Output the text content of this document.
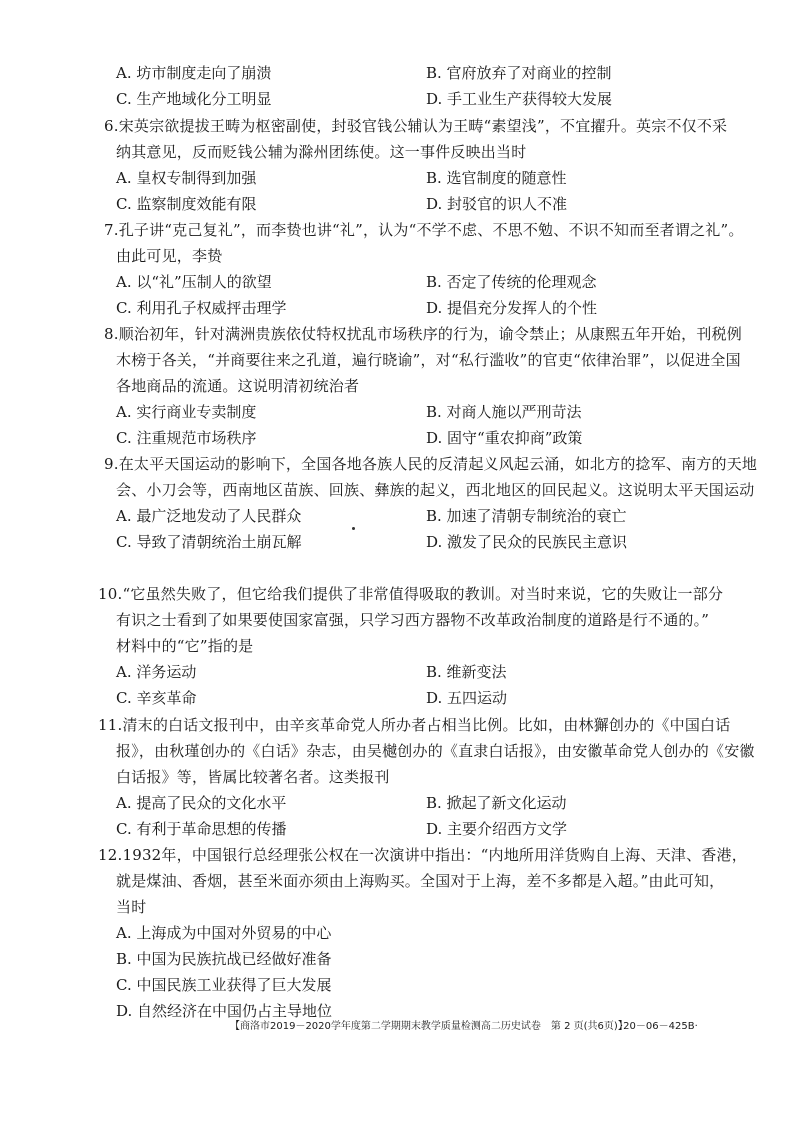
A. 坊市制度走向了崩溃	B. 官府放弃了对商业的控制
C. 生产地域化分工明显	D. 手工业生产获得较大发展
6.宋英宗欲提拔王畴为枢密副使，封驳官钱公辅认为王畴“素望浅”，不宜擢升。英宗不仅不采
纳其意见，反而贬钱公辅为滁州团练使。这一事件反映出当时
A. 皇权专制得到加强	B. 选官制度的随意性
C. 监察制度效能有限	D. 封驳官的识人不准
7.孔子讲“克己复礼”，而李贽也讲“礼”，认为“不学不虑、不思不勉、不识不知而至者谓之礼”。
由此可见，李贽
A. 以“礼”压制人的欲望	B. 否定了传统的伦理观念
C. 利用孔子权威抨击理学	D. 提倡充分发挥人的个性
8.顺治初年，针对满洲贵族依仗特权扰乱市场秩序的行为，谕令禁止；从康熙五年开始，刊税例
木榜于各关，“并商要往来之孔道，遍行晓谕”，对“私行滥收”的官吏“依律治罪”，以促进全国
各地商品的流通。这说明清初统治者
A. 实行商业专卖制度	B. 对商人施以严刑苛法
C. 注重规范市场秩序	D. 固守“重农抑商”政策
9.在太平天国运动的影响下，全国各地各族人民的反清起义风起云涌，如北方的捻军、南方的天地
会、小刀会等，西南地区苗族、回族、彝族的起义，西北地区的回民起义。这说明太平天国运动
A. 最广泛地发动了人民群众	B. 加速了清朝专制统治的衰亡
C. 导致了清朝统治土崩瓦解	D. 激发了民众的民族民主意识
10.“它虽然失败了，但它给我们提供了非常值得吸取的教训。对当时来说，它的失败让一部分
有识之士看到了如果要使国家富强，只学习西方器物不改革政治制度的道路是行不通的。”
材料中的“它”指的是
A. 洋务运动	B. 维新变法
C. 辛亥革命	D. 五四运动
11.清末的白话文报刊中，由辛亥革命党人所办者占相当比例。比如，由林獬创办的《中国白话
报》，由秋瑾创办的《白话》杂志，由吴樾创办的《直隶白话报》，由安徽革命党人创办的《安徽
白话报》等，皆属比较著名者。这类报刊
A. 提高了民众的文化水平	B. 掀起了新文化运动
C. 有利于革命思想的传播	D. 主要介绍西方文学
12.1932年，中国银行总经理张公权在一次演讲中指出：“内地所用洋货购自上海、天津、香港，
就是煤油、香烟，甚至米面亦须由上海购买。全国对于上海，差不多都是入超。”由此可知，
当时
A. 上海成为中国对外贸易的中心
B. 中国为民族抗战已经做好准备
C. 中国民族工业获得了巨大发展
D. 自然经济在中国仍占主导地位
【商洛市2019－2020学年度第二学期期末教学质量检测高二历史试卷　第 2 页(共6页)】
·20－06－425B·
